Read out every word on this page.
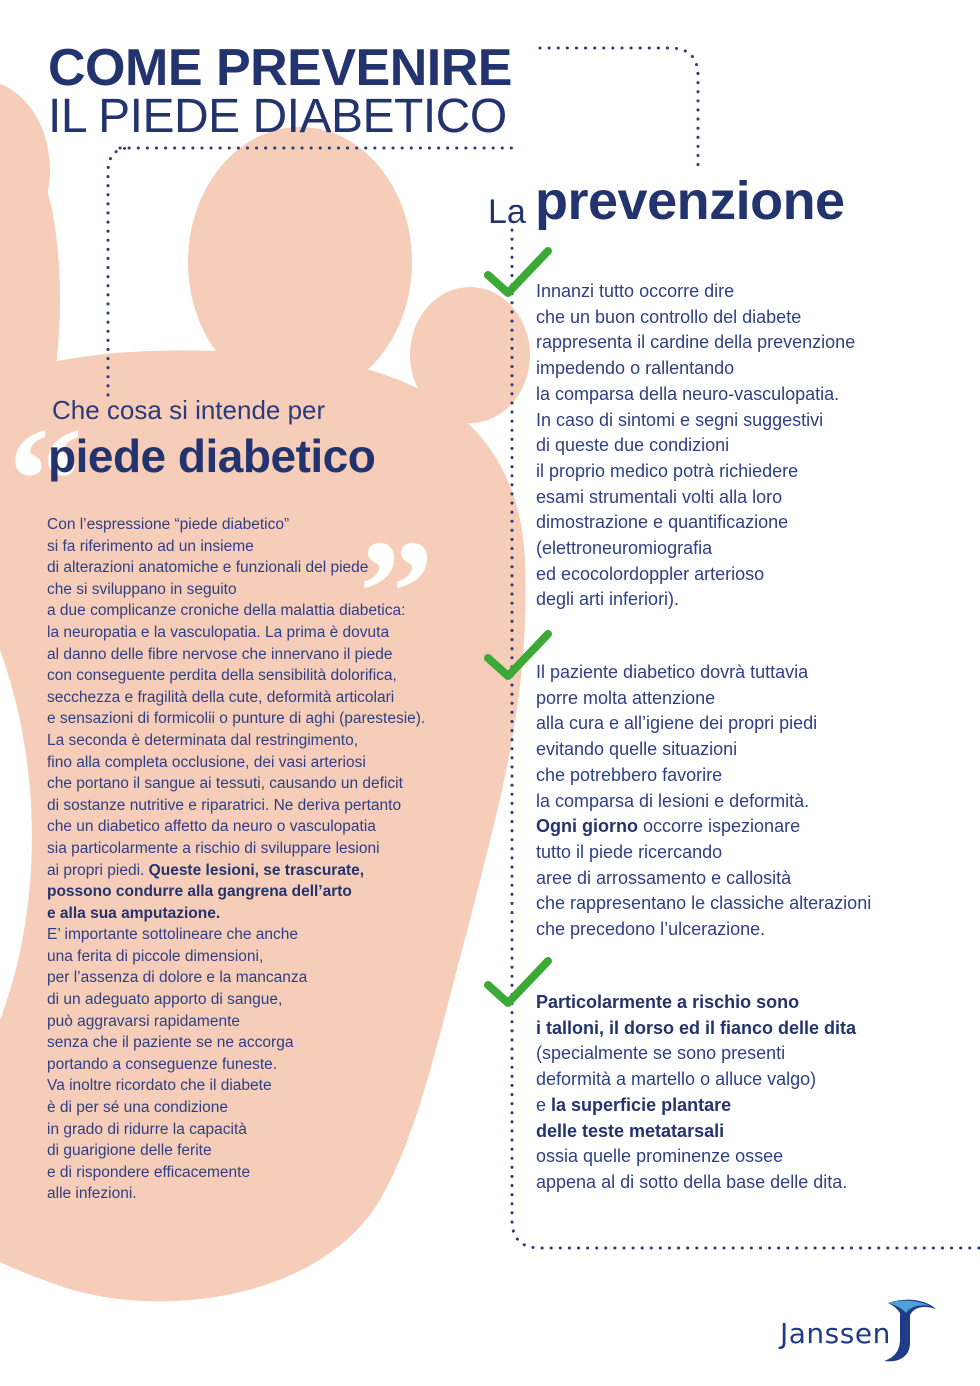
COME PREVENIRE
IL PIEDE DIABETICO
La prevenzione
“ „
Che cosa si intende per
piede diabetico
Con l’espressione “piede diabetico”
si fa riferimento ad un insieme
di alterazioni anatomiche e funzionali del piede
che si sviluppano in seguito
a due complicanze croniche della malattia diabetica:
la neuropatia e la vasculopatia. La prima è dovuta
al danno delle fibre nervose che innervano il piede
con conseguente perdita della sensibilità dolorifica,
secchezza e fragilità della cute, deformità articolari
e sensazioni di formicolii o punture di aghi (parestesie).
La seconda è determinata dal restringimento,
fino alla completa occlusione, dei vasi arteriosi
che portano il sangue ai tessuti, causando un deficit
di sostanze nutritive e riparatrici. Ne deriva pertanto
che un diabetico affetto da neuro o vasculopatia
sia particolarmente a rischio di sviluppare lesioni
ai propri piedi. Queste lesioni, se trascurate,
possono condurre alla gangrena dell’arto
e alla sua amputazione.
E’ importante sottolineare che anche
una ferita di piccole dimensioni,
per l’assenza di dolore e la mancanza
di un adeguato apporto di sangue,
può aggravarsi rapidamente
senza che il paziente se ne accorga
portando a conseguenze funeste.
Va inoltre ricordato che il diabete
è di per sé una condizione
in grado di ridurre la capacità
di guarigione delle ferite
e di rispondere efficacemente
alle infezioni.
Innanzi tutto occorre dire
che un buon controllo del diabete
rappresenta il cardine della prevenzione
impedendo o rallentando
la comparsa della neuro-vasculopatia.
In caso di sintomi e segni suggestivi
di queste due condizioni
il proprio medico potrà richiedere
esami strumentali volti alla loro
dimostrazione e quantificazione
(elettroneuromiografia
ed ecocolordoppler arterioso
degli arti inferiori).
Il paziente diabetico dovrà tuttavia
porre molta attenzione
alla cura e all’igiene dei propri piedi
evitando quelle situazioni
che potrebbero favorire
la comparsa di lesioni e deformità.
Ogni giorno occorre ispezionare
tutto il piede ricercando
aree di arrossamento e callosità
che rappresentano le classiche alterazioni
che precedono l’ulcerazione.
Particolarmente a rischio sono
i talloni, il dorso ed il fianco delle dita
(specialmente se sono presenti
deformità a martello o alluce valgo)
e la superficie plantare
delle teste metatarsali
ossia quelle prominenze ossee
appena al di sotto della base delle dita.
Janssen
